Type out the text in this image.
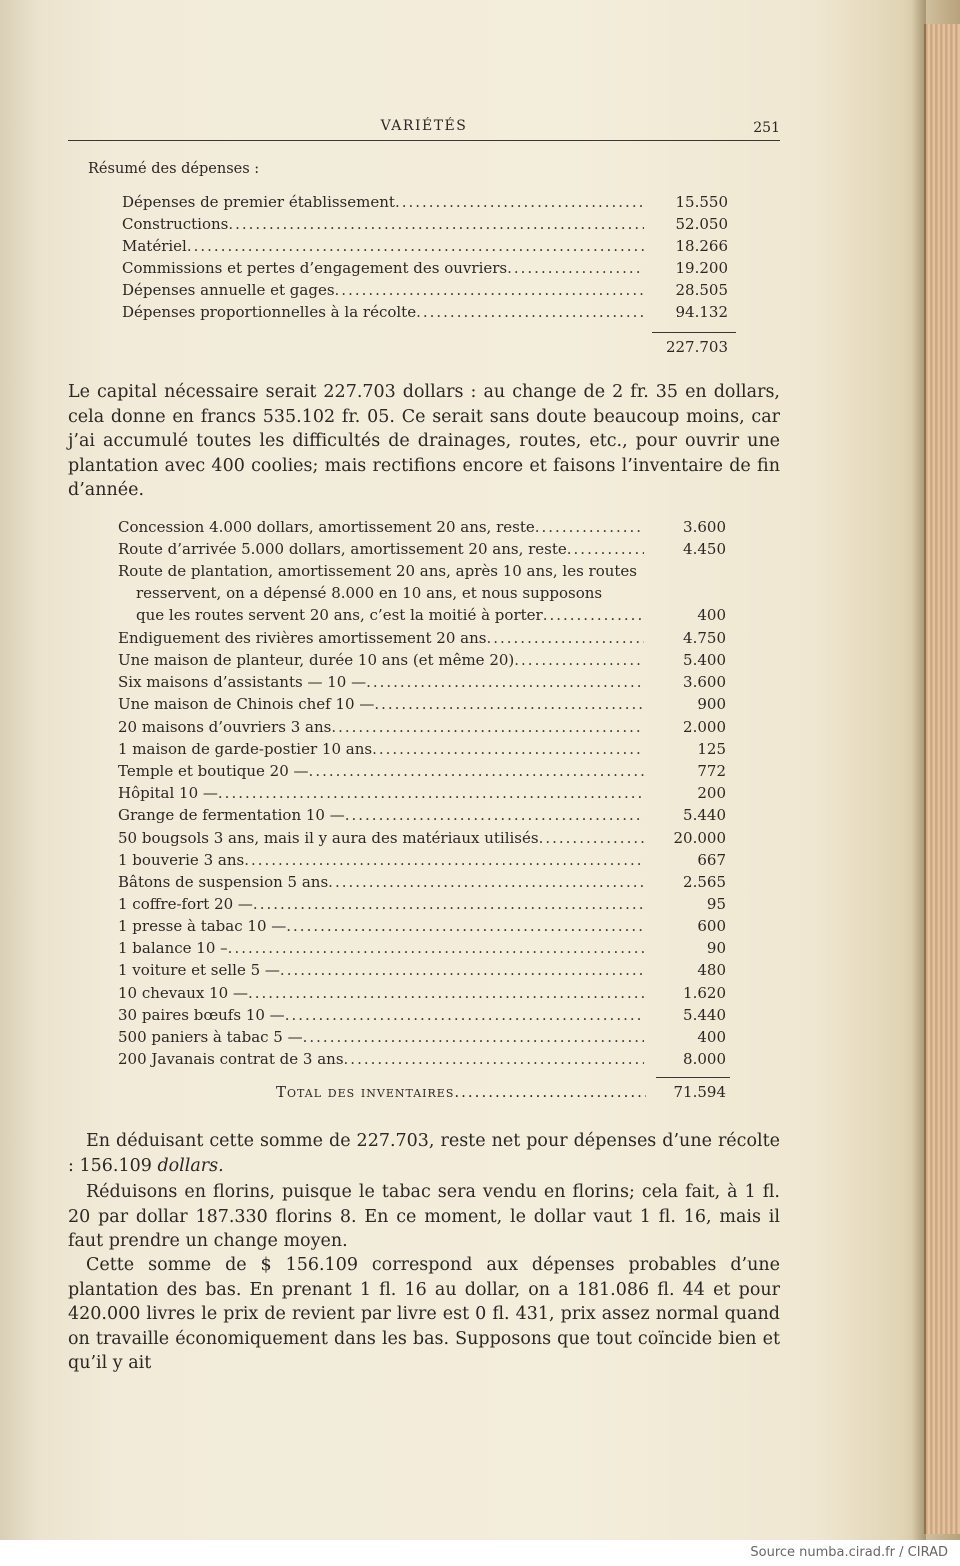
VARIÉTÉS	251
Résumé des dépenses :
Dépenses de premier établissement .....	15.550
Constructions .....	52.050
Matériel .....	18.266
Commissions et pertes d’engagement des ouvriers .....	19.200
Dépenses annuelle et gages .....	28.505
Dépenses proportionnelles à la récolte .....	94.132
227.703

Le capital nécessaire serait 227.703 dollars : au change de 2 fr. 35 en dollars, cela donne en francs 535.102 fr. 05. Ce serait sans doute beaucoup moins, car j’ai accumulé toutes les difficultés de drainages, routes, etc., pour ouvrir une plantation avec 400 coolies; mais rectifions encore et faisons l’inventaire de fin d’année.

Concession 4.000 dollars, amortissement 20 ans, reste .....	3.600
Route d’arrivée 5.000 dollars, amortissement 20 ans, reste .....	4.450
Route de plantation, amortissement 20 ans, après 10 ans, les routes
resservent, on a dépensé 8.000 en 10 ans, et nous supposons
que les routes servent 20 ans, c’est la moitié à porter .....	400
Endiguement des rivières amortissement 20 ans .....	4.750
Une maison de planteur, durée 10 ans (et même 20) .....	5.400
Six maisons d’assistants — 10 — .....	3.600
Une maison de Chinois chef 10 — .....	900
20 maisons d’ouvriers 3 ans .....	2.000
1 maison de garde-postier 10 ans .....	125
Temple et boutique 20 — .....	772
Hôpital 10 — .....	200
Grange de fermentation 10 — .....	5.440
50 bougsols 3 ans, mais il y aura des matériaux utilisés .....	20.000
1 bouverie 3 ans .....	667
Bâtons de suspension 5 ans .....	2.565
1 coffre-fort 20 — .....	95
1 presse à tabac 10 — .....	600
1 balance 10 – .....	90
1 voiture et selle 5 — .....	480
10 chevaux 10 — .....	1.620
30 paires bœufs 10 — .....	5.440
500 paniers à tabac 5 — .....	400
200 Javanais contrat de 3 ans .....	8.000
Total des inventaires .....	71.594

En déduisant cette somme de 227.703, reste net pour dépenses d’une récolte : 156.109 dollars.

Réduisons en florins, puisque le tabac sera vendu en florins; cela fait, à 1 fl. 20 par dollar 187.330 florins 8. En ce moment, le dollar vaut 1 fl. 16, mais il faut prendre un change moyen.

Cette somme de $ 156.109 correspond aux dépenses probables d’une plantation des bas. En prenant 1 fl. 16 au dollar, on a 181.086 fl. 44 et pour 420.000 livres le prix de revient par livre est 0 fl. 431, prix assez normal quand on travaille économiquement dans les bas. Supposons que tout coïncide bien et qu’il y ait

Source numba.cirad.fr / CIRAD
